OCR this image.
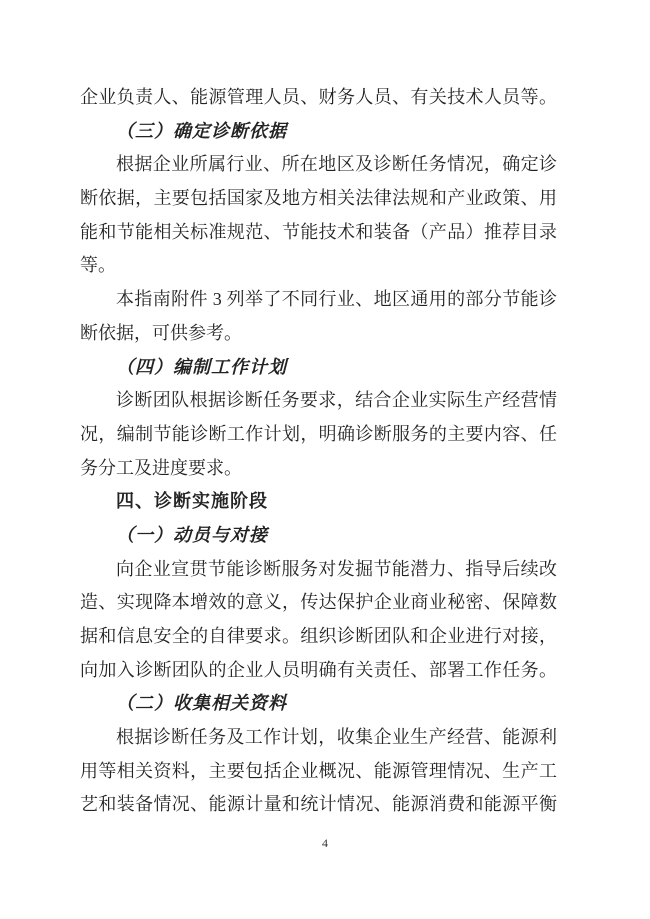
企业负责人、能源管理人员、财务人员、有关技术人员等。
（三）确定诊断依据
根据企业所属行业、所在地区及诊断任务情况，确定诊
断依据，主要包括国家及地方相关法律法规和产业政策、用
能和节能相关标准规范、节能技术和装备（产品）推荐目录
等。
本指南附件 3 列举了不同行业、地区通用的部分节能诊
断依据，可供参考。
（四）编制工作计划
诊断团队根据诊断任务要求，结合企业实际生产经营情
况，编制节能诊断工作计划，明确诊断服务的主要内容、任
务分工及进度要求。
四、诊断实施阶段
（一）动员与对接
向企业宣贯节能诊断服务对发掘节能潜力、指导后续改
造、实现降本增效的意义，传达保护企业商业秘密、保障数
据和信息安全的自律要求。组织诊断团队和企业进行对接，
向加入诊断团队的企业人员明确有关责任、部署工作任务。
（二）收集相关资料
根据诊断任务及工作计划，收集企业生产经营、能源利
用等相关资料，主要包括企业概况、能源管理情况、生产工
艺和装备情况、能源计量和统计情况、能源消费和能源平衡
4
